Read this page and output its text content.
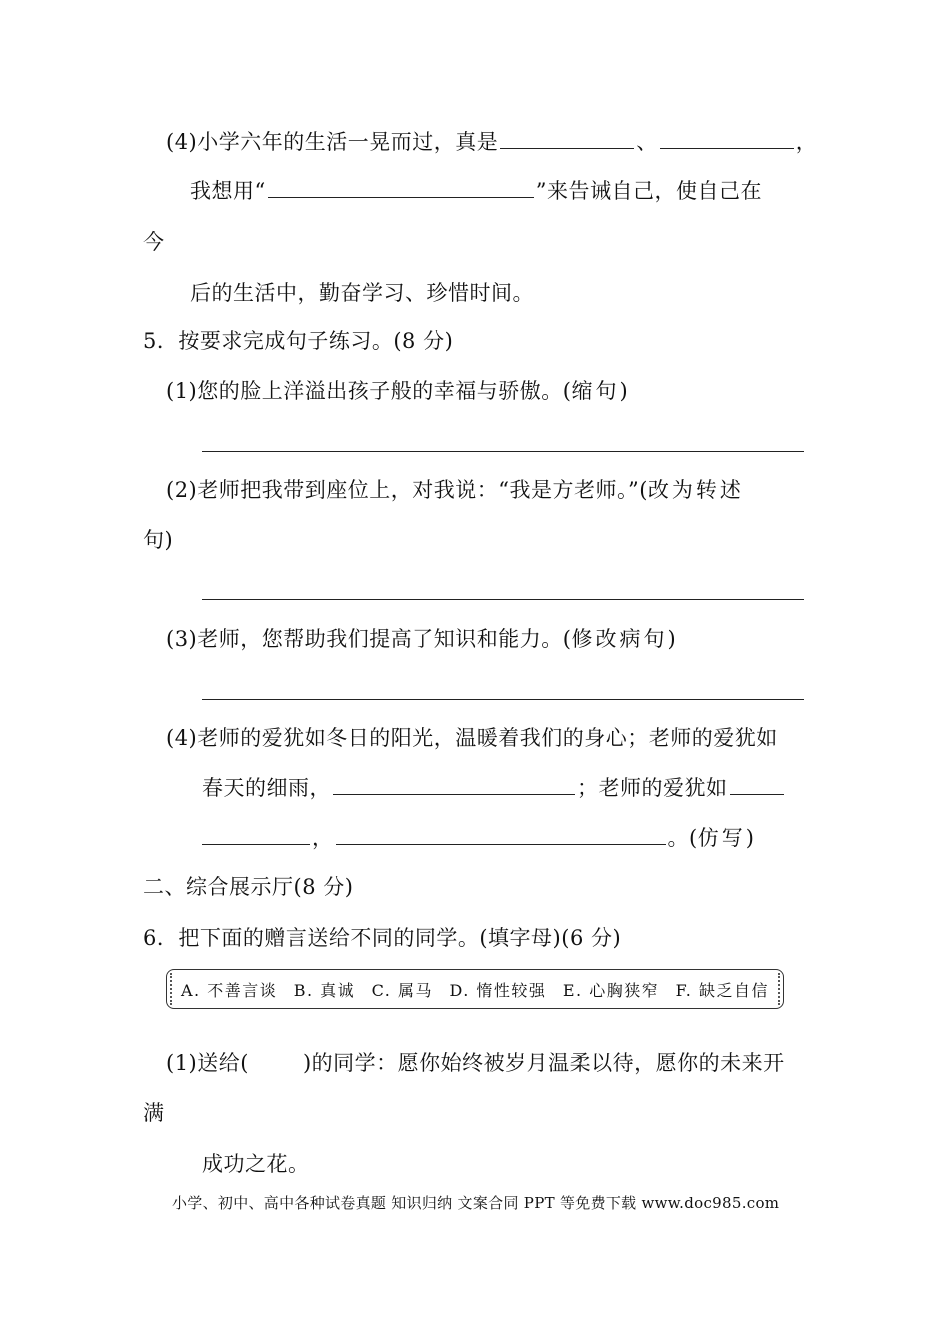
(4)小学六年的生活一晃而过，真是	、	，
我想用“	”来告诫自己，使自己在
今
后的生活中，勤奋学习、珍惜时间。
5．按要求完成句子练习。(8 分)
(1)您的脸上洋溢出孩子般的幸福与骄傲。(缩句)
(2)老师把我带到座位上，对我说：“我是方老师。”(改为转述
句)
(3)老师，您帮助我们提高了知识和能力。(修改病句)
(4)老师的爱犹如冬日的阳光，温暖着我们的身心；老师的爱犹如
春天的细雨，	；老师的爱犹如
，	。(仿写)
二、综合展示厅(8 分)
6．把下面的赠言送给不同的同学。(填字母)(6 分)
A. 不善言谈 B. 真诚 C. 属马 D. 惰性较强 E. 心胸狭窄 F. 缺乏自信
(1)送给(	)的同学：愿你始终被岁月温柔以待，愿你的未来开
满
成功之花。
小学、初中、高中各种试卷真题 知识归纳 文案合同 PPT 等免费下载 www.doc985.com
